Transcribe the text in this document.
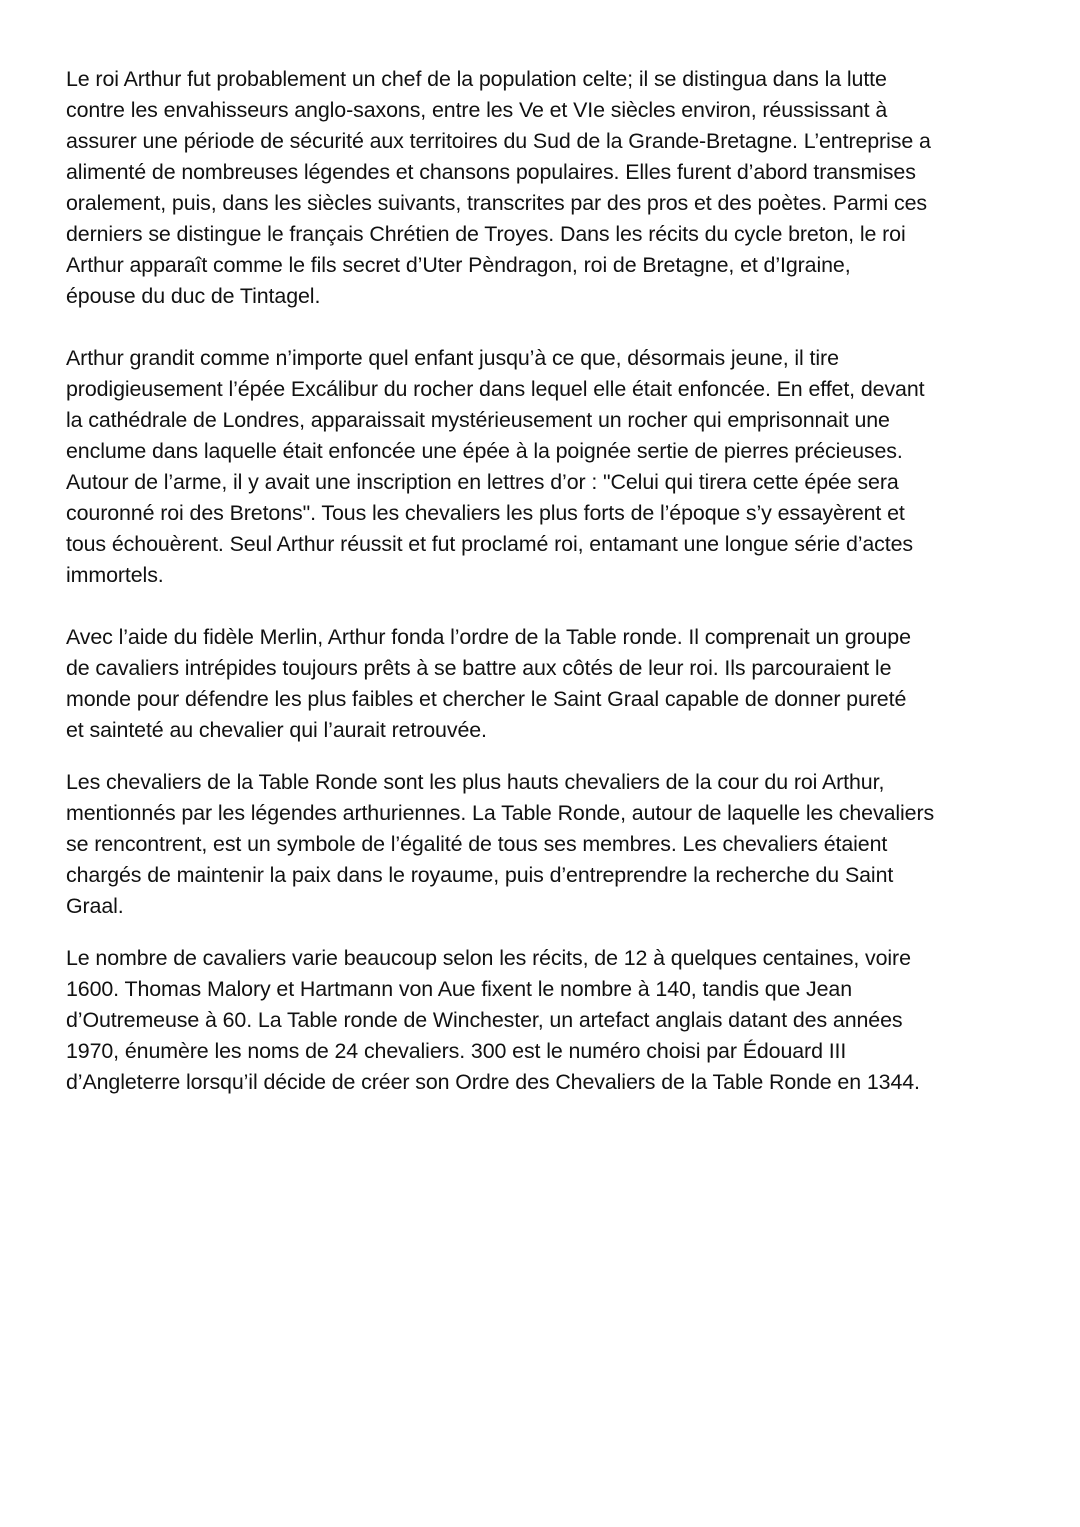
Le roi Arthur fut probablement un chef de la population celte; il se distingua dans la lutte
contre les envahisseurs anglo-saxons, entre les Ve et VIe siècles environ, réussissant à
assurer une période de sécurité aux territoires du Sud de la Grande-Bretagne. L’entreprise a
alimenté de nombreuses légendes et chansons populaires. Elles furent d’abord transmises
oralement, puis, dans les siècles suivants, transcrites par des pros et des poètes. Parmi ces
derniers se distingue le français Chrétien de Troyes. Dans les récits du cycle breton, le roi
Arthur apparaît comme le fils secret d’Uter Pèndragon, roi de Bretagne, et d’Igraine,
épouse du duc de Tintagel.

Arthur grandit comme n’importe quel enfant jusqu’à ce que, désormais jeune, il tire
prodigieusement l’épée Excálibur du rocher dans lequel elle était enfoncée. En effet, devant
la cathédrale de Londres, apparaissait mystérieusement un rocher qui emprisonnait une
enclume dans laquelle était enfoncée une épée à la poignée sertie de pierres précieuses.
Autour de l’arme, il y avait une inscription en lettres d’or : "Celui qui tirera cette épée sera
couronné roi des Bretons". Tous les chevaliers les plus forts de l’époque s’y essayèrent et
tous échouèrent. Seul Arthur réussit et fut proclamé roi, entamant une longue série d’actes
immortels.

Avec l’aide du fidèle Merlin, Arthur fonda l’ordre de la Table ronde. Il comprenait un groupe
de cavaliers intrépides toujours prêts à se battre aux côtés de leur roi. Ils parcouraient le
monde pour défendre les plus faibles et chercher le Saint Graal capable de donner pureté
et sainteté au chevalier qui l’aurait retrouvée.

Les chevaliers de la Table Ronde sont les plus hauts chevaliers de la cour du roi Arthur,
mentionnés par les légendes arthuriennes. La Table Ronde, autour de laquelle les chevaliers
se rencontrent, est un symbole de l’égalité de tous ses membres. Les chevaliers étaient
chargés de maintenir la paix dans le royaume, puis d’entreprendre la recherche du Saint
Graal.

Le nombre de cavaliers varie beaucoup selon les récits, de 12 à quelques centaines, voire
1600. Thomas Malory et Hartmann von Aue fixent le nombre à 140, tandis que Jean
d’Outremeuse à 60. La Table ronde de Winchester, un artefact anglais datant des années
1970, énumère les noms de 24 chevaliers. 300 est le numéro choisi par Édouard III
d’Angleterre lorsqu’il décide de créer son Ordre des Chevaliers de la Table Ronde en 1344.
